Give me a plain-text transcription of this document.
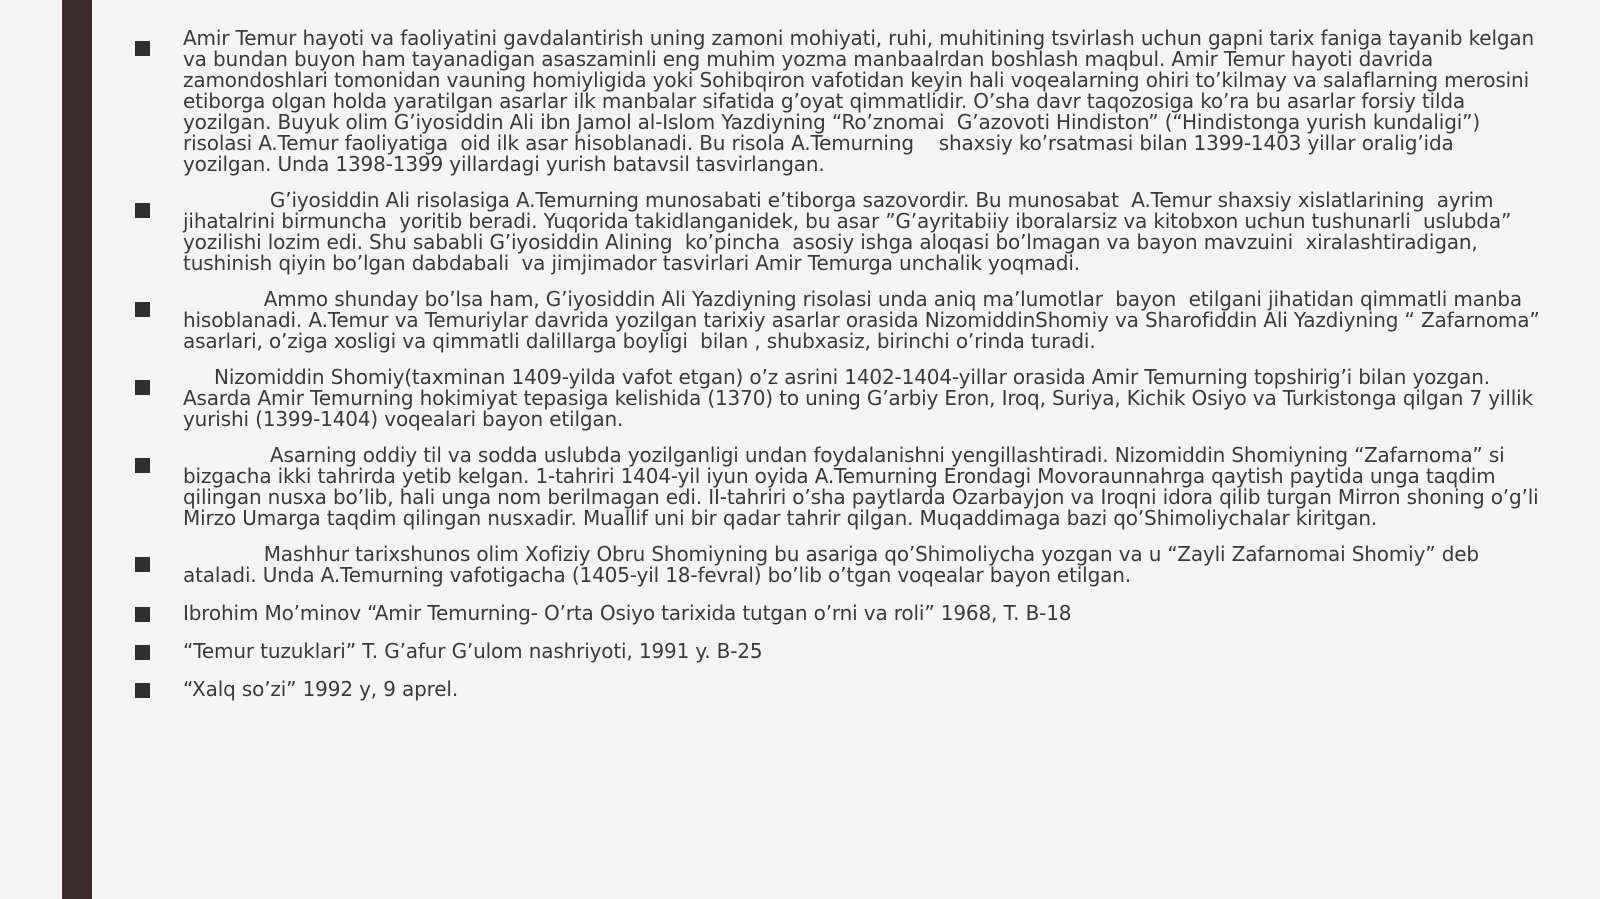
Amir Temur hayoti va faoliyatini gavdalantirish uning zamoni mohiyati, ruhi, muhitining tsvirlash uchun gapni tarix faniga tayanib kelgan va bundan buyon ham tayanadigan asaszaminli eng muhim yozma manbaalrdan boshlash maqbul. Amir Temur hayoti davrida zamondoshlari tomonidan vauning homiyligida yoki Sohibqiron vafotidan keyin hali voqealarning ohiri to’kilmay va salaflarning merosini etiborga olgan holda yaratilgan asarlar ilk manbalar sifatida g’oyat qimmatlidir. O’sha davr taqozosiga ko’ra bu asarlar forsiy tilda yozilgan. Buyuk olim G’iyosiddin Ali ibn Jamol al-Islom Yazdiyning “Ro’znomai  G’azovoti Hindiston” (“Hindistonga yurish kundaligi”) risolasi A.Temur faoliyatiga  oid ilk asar hisoblanadi. Bu risola A.Temurning    shaxsiy ko’rsatmasi bilan 1399-1403 yillar oralig’ida  yozilgan. Unda 1398-1399 yillardagi yurish batavsil tasvirlangan.

G’iyosiddin Ali risolasiga A.Temurning munosabati e’tiborga sazovordir. Bu munosabat  A.Temur shaxsiy xislatlarining  ayrim jihatalrini birmuncha  yoritib beradi. Yuqorida takidlanganidek, bu asar ”G’ayritabiiy iboralarsiz va kitobxon uchun tushunarli  uslubda” yozilishi lozim edi. Shu sababli G’iyosiddin Alining  ko’pincha  asosiy ishga aloqasi bo’lmagan va bayon mavzuini  xiralashtiradigan, tushinish qiyin bo’lgan dabdabali  va jimjimador tasvirlari Amir Temurga unchalik yoqmadi.

Ammo shunday bo’lsa ham, G’iyosiddin Ali Yazdiyning risolasi unda aniq ma’lumotlar  bayon  etilgani jihatidan qimmatli manba hisoblanadi. A.Temur va Temuriylar davrida yozilgan tarixiy asarlar orasida NizomiddinShomiy va Sharofiddin Ali Yazdiyning “ Zafarnoma” asarlari, o’ziga xosligi va qimmatli dalillarga boyligi  bilan , shubxasiz, birinchi o’rinda turadi.

Nizomiddin Shomiy(taxminan 1409-yilda vafot etgan) o’z asrini 1402-1404-yillar orasida Amir Temurning topshirig’i bilan yozgan.  Asarda Amir Temurning hokimiyat tepasiga kelishida (1370) to uning G’arbiy Eron, Iroq, Suriya, Kichik Osiyo va Turkistonga qilgan 7 yillik yurishi (1399-1404) voqealari bayon etilgan.

Asarning oddiy til va sodda uslubda yozilganligi undan foydalanishni yengillashtiradi. Nizomiddin Shomiyning “Zafarnoma” si bizgacha ikki tahrirda yetib kelgan. 1-tahriri 1404-yil iyun oyida A.Temurning Erondagi Movoraunnahrga qaytish paytida unga taqdim qilingan nusxa bo’lib, hali unga nom berilmagan edi. II-tahriri o’sha paytlarda Ozarbayjon va Iroqni idora qilib turgan Mirron shoning o’g’li Mirzo Umarga taqdim qilingan nusxadir. Muallif uni bir qadar tahrir qilgan. Muqaddimaga bazi qo’Shimoliychalar kiritgan.

Mashhur tarixshunos olim Xofiziy Obru Shomiyning bu asariga qo’Shimoliycha yozgan va u “Zayli Zafarnomai Shomiy” deb ataladi. Unda A.Temurning vafotigacha (1405-yil 18-fevral) bo’lib o’tgan voqealar bayon etilgan.

Ibrohim Mo’minov “Amir Temurning- O’rta Osiyo tarixida tutgan o’rni va roli” 1968, T. B-18

“Temur tuzuklari” T. G’afur G’ulom nashriyoti, 1991 y. B-25

“Xalq so’zi” 1992 y, 9 aprel.
